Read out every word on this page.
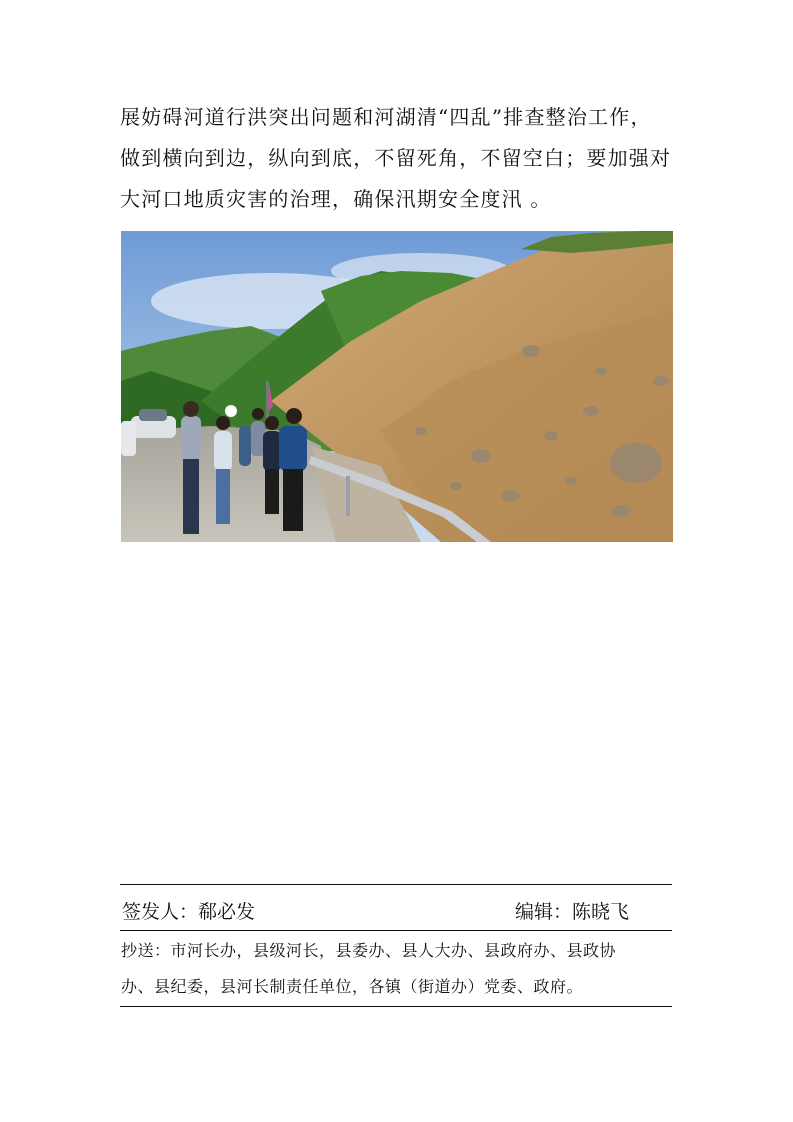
展妨碍河道行洪突出问题和河湖清“四乱”排查整治工作，
做到横向到边，纵向到底，不留死角，不留空白；要加强对
大河口地质灾害的治理，确保汛期安全度汛 。
签发人：郗必发	编辑：陈晓飞
抄送：市河长办，县级河长，县委办、县人大办、县政府办、县政协
办、县纪委，县河长制责任单位，各镇（街道办）党委、政府。
